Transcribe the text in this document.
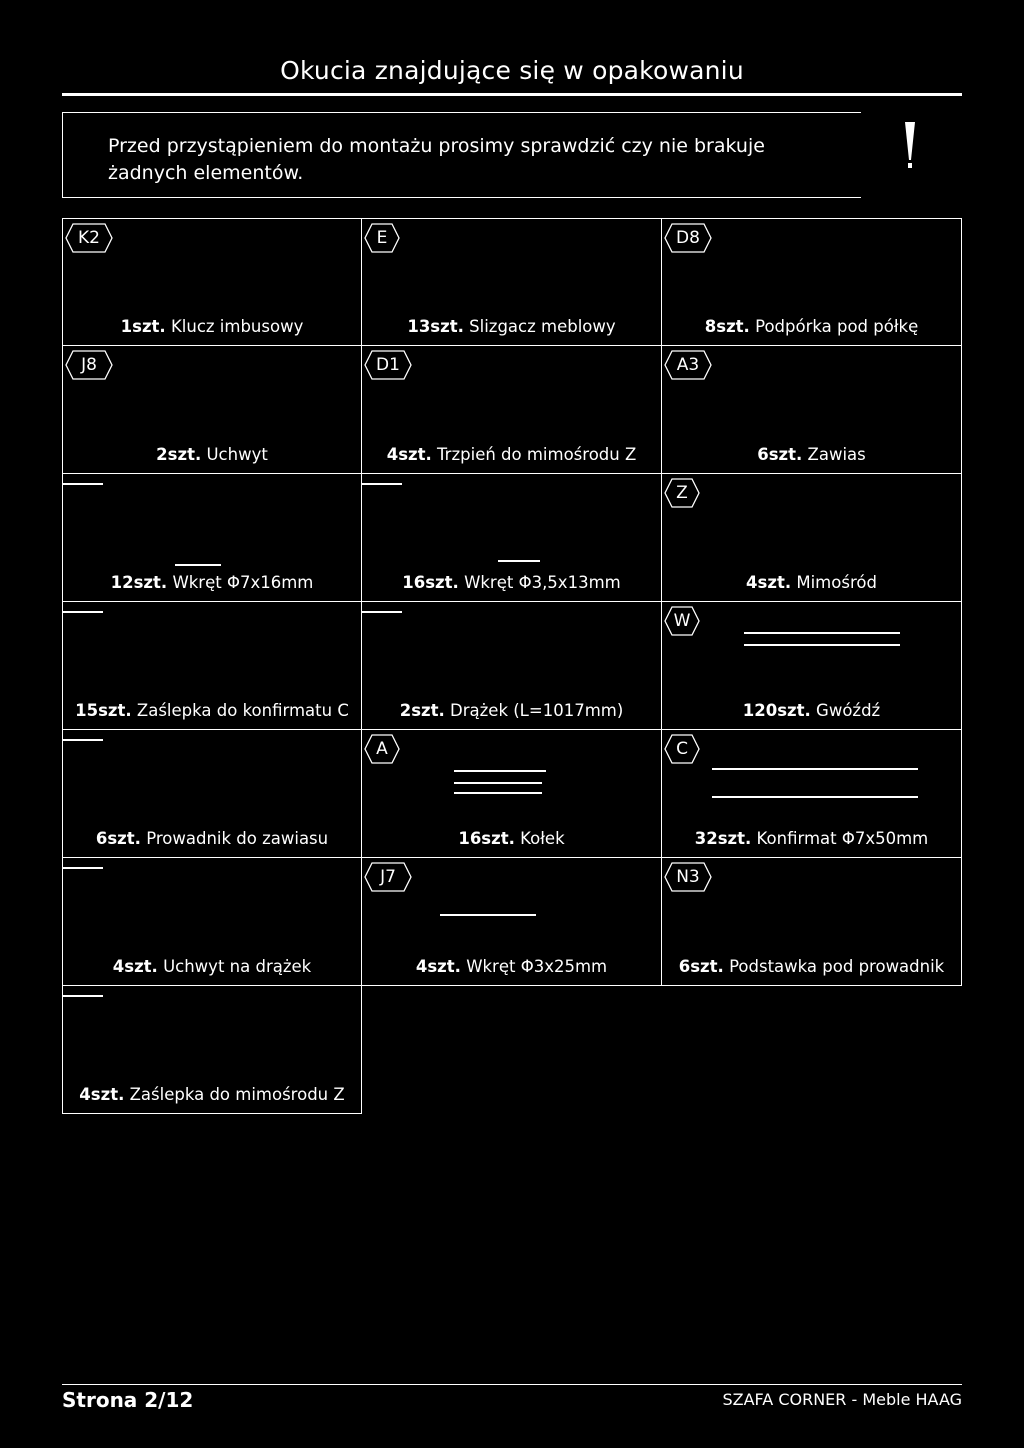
Okucia znajdujące się w opakowaniu
Przed przystąpieniem do montażu prosimy sprawdzić czy nie brakuje żadnych elementów.
K2
1szt. Klucz imbusowy
E
13szt. Slizgacz meblowy
D8
8szt. Podpórka pod półkę
J8
2szt. Uchwyt
D1
4szt. Trzpień do mimośrodu Z
A3
6szt. Zawias
12szt. Wkręt Φ7x16mm	16szt. Wkręt Φ3,5x13mm
Z
4szt. Mimośród
15szt. Zaślepka do konfirmatu C	2szt. Drążek (L=1017mm)
W
120szt. Gwóźdź
6szt. Prowadnik do zawiasu
A
16szt. Kołek
C
32szt. Konfirmat Φ7x50mm
4szt. Uchwyt na drążek
J7
4szt. Wkręt Φ3x25mm
N3
6szt. Podstawka pod prowadnik
4szt. Zaślepka do mimośrodu Z
Strona 2/12	SZAFA CORNER - Meble HAAG
